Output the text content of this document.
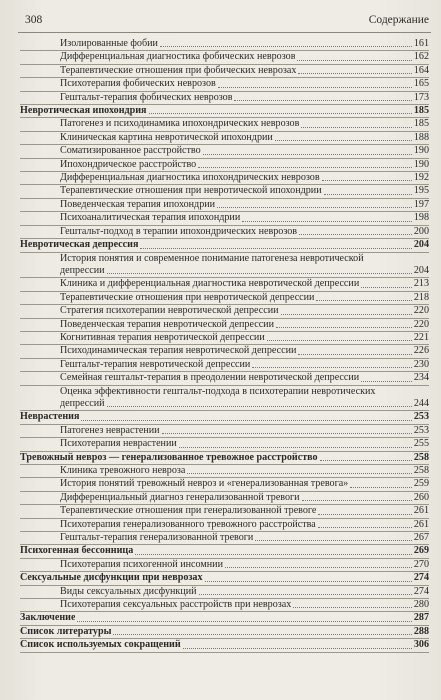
308	Содержание
Изолированные фобии	161
Дифференциальная диагностика фобических неврозов	162
Терапевтические отношения при фобических неврозах	164
Психотерапия фобических неврозов	165
Гештальт-терапия фобических неврозов	173
Невротическая ипохондрия	185
Патогенез и психодинамика ипохондрических неврозов	185
Клиническая картина невротической ипохондрии	188
Соматизированное расстройство	190
Ипохондрическое расстройство	190
Дифференциальная диагностика ипохондрических неврозов	192
Терапевтические отношения при невротической ипохондрии	195
Поведенческая терапия ипохондрии	197
Психоаналитическая терапия ипохондрии	198
Гештальт-подход в терапии ипохондрических неврозов	200
Невротическая депрессия	204
История понятия и современное понимание патогенеза невротической
депрессии	204
Клиника и дифференциальная диагностика невротической депрессии	213
Терапевтические отношения при невротической депрессии	218
Стратегия психотерапии невротической депрессии	220
Поведенческая терапия невротической депрессии	220
Когнитивная терапия невротической депрессии	221
Психодинамическая терапия невротической депрессии	226
Гештальт-терапия невротической депрессии	230
Семейная гештальт-терапия в преодолении невротической депрессии	234
Оценка эффективности гештальт-подхода в психотерапии невротических
депрессий	244
Неврастения	253
Патогенез неврастении	253
Психотерапия неврастении	255
Тревожный невроз — генерализованное тревожное расстройство	258
Клиника тревожного невроза	258
История понятий тревожный невроз и «генерализованная тревога»	259
Дифференциальный диагноз генерализованной тревоги	260
Терапевтические отношения при генерализованной тревоге	261
Психотерапия генерализованного тревожного расстройства	261
Гештальт-терапия генерализованной тревоги	267
Психогенная бессонница	269
Психотерапия психогенной инсомнии	270
Сексуальные дисфункции при неврозах	274
Виды сексуальных дисфункций	274
Психотерапия сексуальных расстройств при неврозах	280
Заключение	287
Список литературы	288
Список используемых сокращений	306
